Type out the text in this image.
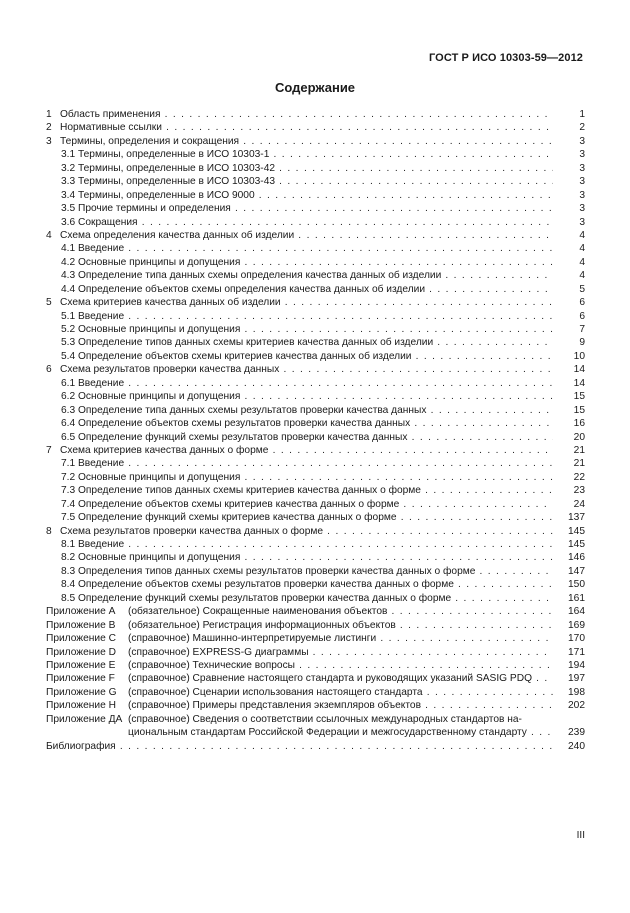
ГОСТ Р ИСО 10303-59—2012
Содержание
1 Область применения . . .	1
2 Нормативные ссылки . . .	2
3 Термины, определения и сокращения . . .	3
3.1 Термины, определенные в ИСО 10303-1 . . .	3
3.2 Термины, определенные в ИСО 10303-42 . . .	3
3.3 Термины, определенные в ИСО 10303-43 . . .	3
3.4 Термины, определенные в ИСО 9000 . . .	3
3.5 Прочие термины и определения . . .	3
3.6 Сокращения . . .	3
4 Схема определения качества данных об изделии . . .	4
4.1 Введение . . .	4
4.2 Основные принципы и допущения . . .	4
4.3 Определение типа данных схемы определения качества данных об изделии . . .	4
4.4 Определение объектов схемы определения качества данных об изделии . . .	5
5 Схема критериев качества данных об изделии . . .	6
5.1 Введение . . .	6
5.2 Основные принципы и допущения . . .	7
5.3 Определение типов данных схемы критериев качества данных об изделии . . .	9
5.4 Определение объектов схемы критериев качества данных об изделии . . .	10
6 Схема результатов проверки качества данных . . .	14
6.1 Введение . . .	14
6.2 Основные принципы и допущения . . .	15
6.3 Определение типа данных схемы результатов проверки качества данных . . .	15
6.4 Определение объектов схемы результатов проверки качества данных . . .	16
6.5 Определение функций схемы результатов проверки качества данных . . .	20
7 Схема критериев качества данных о форме . . .	21
7.1 Введение . . .	21
7.2 Основные принципы и допущения . . .	22
7.3 Определение типов данных схемы критериев качества данных о форме . . .	23
7.4 Определение объектов схемы критериев качества данных о форме . . .	24
7.5 Определение функций схемы критериев качества данных о форме . . .	137
8 Схема результатов проверки качества данных о форме . . .	145
8.1 Введение . . .	145
8.2 Основные принципы и допущения . . .	146
8.3 Определения типов данных схемы результатов проверки качества данных о форме . . .	147
8.4 Определение объектов схемы результатов проверки качества данных о форме . . .	150
8.5 Определение функций схемы результатов проверки качества данных о форме . . .	161
Приложение A (обязательное) Сокращенные наименования объектов . . .	164
Приложение B (обязательное) Регистрация информационных объектов . . .	169
Приложение C (справочное) Машинно-интерпретируемые листинги . . .	170
Приложение D (справочное) EXPRESS-G диаграммы . . .	171
Приложение E (справочное) Технические вопросы . . .	194
Приложение F (справочное) Сравнение настоящего стандарта и руководящих указаний SASIG PDQ . . .	197
Приложение G (справочное) Сценарии использования настоящего стандарта . . .	198
Приложение H (справочное) Примеры представления экземпляров объектов . . .	202
Приложение ДА (справочное) Сведения о соответствии ссылочных международных стандартов на-
циональным стандартам Российской Федерации и межгосударственному стандарту . . .	239
Библиография . . .	240
III
